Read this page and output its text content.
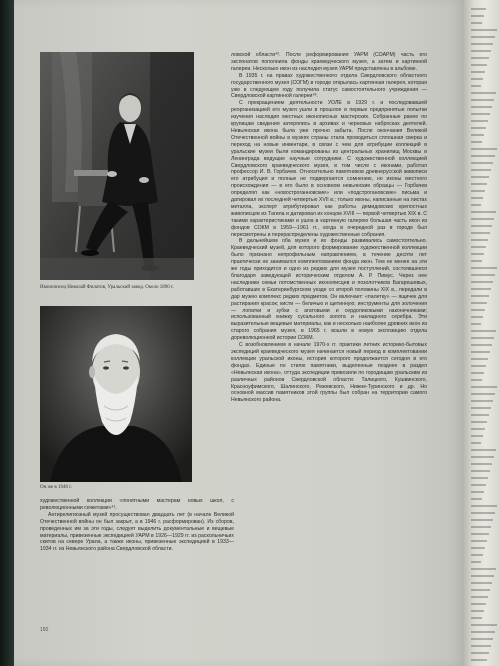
Иконописец Николай Филатов, Уральский завод. Около 1890 г.
Он же в 1946 г.

художественной коллекции «понятными мастерам новых школ, с революционными сюжетами»⁴¹.

Антирелигиозный музей просуществовал двадцать лет (в начале Великой Отечественной войны он был закрыт, а в 1946 г. расформирован). Из сборов, проведенных им за эти годы, следует выделить документальные и вещевые материалы, привезенные экспедицией УАРМ в 1926—1929 гг. из раскольничьих скитов на севере Урала, а также иконы, привезенные экспедицией в 1933—1934 гг. из Невьянского района Свердловской области.

ловской области⁴². После реформирования УАРМ (СОАРМ) часть его экспонатов пополнила фонды краеведческого музея, а затем и картинной галереи. Несколько икон из наследия музея УАРМ представлены в альбоме.

В 1935 г. на правах художественного отдела Свердловского областного государственного музея (СОГМ) в городе открылась картинная галерея, которая уже в следующем году получила статус самостоятельного учреждения — Свердловской картинной галереи⁴³.

С прекращением деятельности УОЛЕ в 1929 г. и последовавшей реорганизацией его музея ушли в прошлое и первые предпринятые попытки изучения наследия местных иконописных мастерских. Собранные ранее по крупицам сведения затерялись в архивах и черновых набросках деятелей. Невьянская икона была уже прочно забыта. После окончания Великой Отечественной войны в музеях страны стала проводиться сплошная сверка и переход на новые инвентари, в связи с чем для атрибуции коллекций в уральские музеи были командированы из центральных хранилищ Москвы и Ленинграда ведущие научные сотрудники. С художественной коллекцией Свердловского краеведческого музея, в том числе с иконами, работал профессор И. В. Горбачев. Относительно памятников древнерусской живописи его атрибуция и полные не подвергаются сомнению, но иконы местного происхождения — в его было в основном невьянские образцы — Горбачев определял как «новостроганновские» или «подстрогановские» письма и датировал их последней четвертью XVII в.; только иконы, написанные на листах металла, эксперт атрибутировал как работы демидовских крепостных живописцев из Тагила и датировал их концом XVIII — первой четвертью XIX в. С такими характеристиками и ушла в картинную галерею большая часть икон из фондов СОКМ в 1959—1961 гг., когда в очередной раз в городе был пересмотрены и перераспределены художественные собрания.

В дальнейшем оба музея и их фонды развивались самостоятельно. Краеведческий музей, для которого формирование художественной коллекции было признано непрофильным направлением, в течение десяти лет практически не занимался комплектованием фонда икон. Тем не менее на эти же годы приходится и одно из редких для музея поступлений, состоявшееся благодаря заведующей историческим отделом А. Р. Пимус. Через нее наследники семьи потомственных иконописцев и позолотчиков Багарешевых, работавших в Екатеринбургском уезде со второй половины XIX в., передали в дар музею комплекс редких предметов. Он включает: «палетку» — ящичек для растирания красок; кисти — беличью и щетинную; инструменты для золочения — лопатки и зубки с агатовыми и сердоликовыми наконечниками; использованный книжку сусального золота и накладного серебра. Эти выразительные вещевые материалы, как и несколько наиболее древних икон из старого собрания музея, в 1965 г. вошли в новую экспозицию отдела дореволюционной истории СОКМ.

С возобновлением в начале 1970-х гг. практики летних историко-бытовых экспедиций краеведческого музея начинается новый период в комплектовании коллекции уральской иконы, история которого продолжается сегодня в его фондах. Единые по стилю памятники, выделенные позднее в раздел «Невьянская икона», оттуда экспедиции привозили по городищам уральским из различных районов Свердловской области: Талицкого, Кушвинского, Красноуфимского, Шалинского, Режевского, Нижне-Туринского и др. Но основной массив памятников этой группы был собран на территории самого Невьянского района.

150
